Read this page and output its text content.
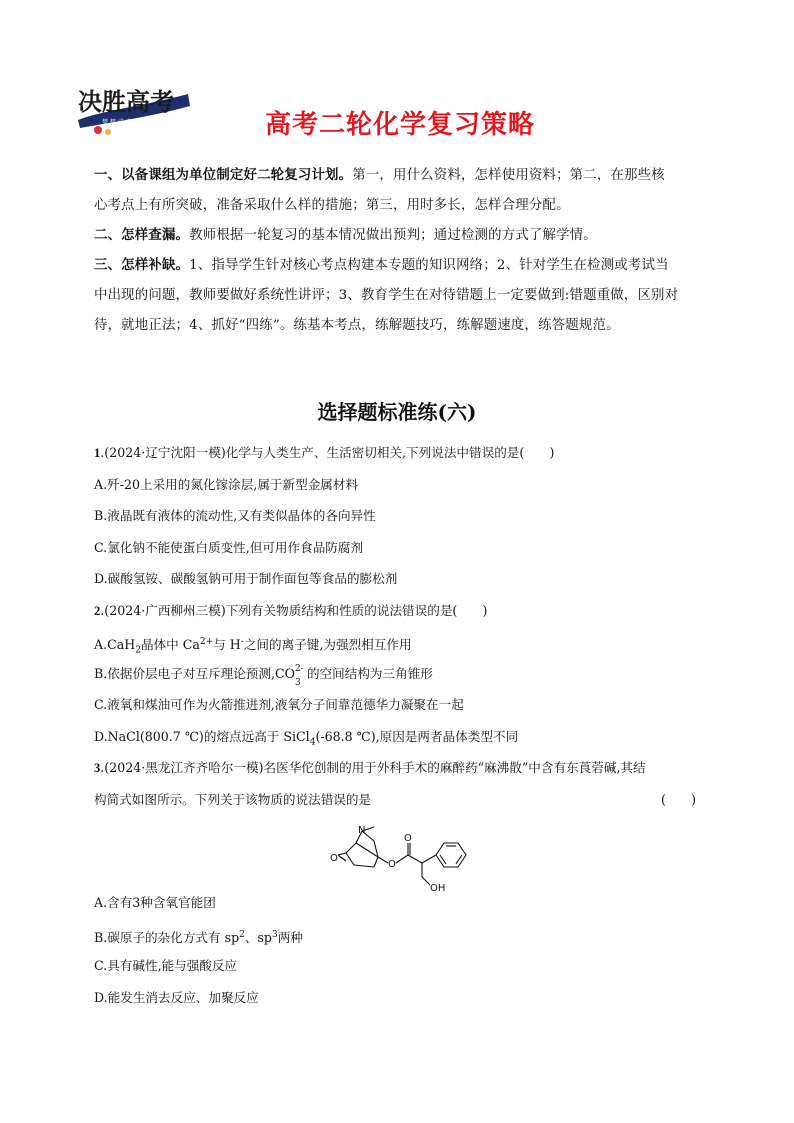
决胜高考
梦 想 成 真	高考二轮化学复习策略

一、以备课组为单位制定好二轮复习计划。第一，用什么资料，怎样使用资料；第二，在那些核

心考点上有所突破，准备采取什么样的措施；第三，用时多长，怎样合理分配。

二、怎样查漏。教师根据一轮复习的基本情况做出预判；通过检测的方式了解学情。

三、怎样补缺。1、指导学生针对核心考点构建本专题的知识网络；2、针对学生在检测或考试当

中出现的问题，教师要做好系统性讲评；3、教育学生在对待错题上一定要做到:错题重做，区别对

待，就地正法；4、抓好“四练”。练基本考点，练解题技巧，练解题速度，练答题规范。

选择题标准练(六)
1.(2024·辽宁沈阳一模)化学与人类生产、生活密切相关,下列说法中错误的是(　　)
A.歼-20上采用的氮化镓涂层,属于新型金属材料
B.液晶既有液体的流动性,又有类似晶体的各向异性
C.氯化钠不能使蛋白质变性,但可用作食品防腐剂
D.碳酸氢铵、碳酸氢钠可用于制作面包等食品的膨松剂
2.(2024·广西柳州三模)下列有关物质结构和性质的说法错误的是(　　)
A.CaH$_2$晶体中 $Ca^{2+}$与 H-之间的离子键,为强烈相互作用
B.依据价层电子对互斥理论预测,CO 2-
3
的空间结构为三角锥形
C.液氧和煤油可作为火箭推进剂,液氧分子间靠范德华力凝聚在一起
D.NaCl(800.7 ℃)的熔点远高于 SiCl$_4$(-68.8 ℃),原因是两者晶体类型不同
3.(2024·黑龙江齐齐哈尔一模)名医华佗创制的用于外科手术的麻醉药“麻沸散”中含有东莨菪碱,其结
构简式如图所示。下列关于该物质的说法错误的是	(　　)
N
O
O
O
OH
A.含有3种含氧官能团
B.碳原子的杂化方式有 $sp^2$、$sp^3$两种
C.具有碱性,能与强酸反应
D.能发生消去反应、加聚反应
